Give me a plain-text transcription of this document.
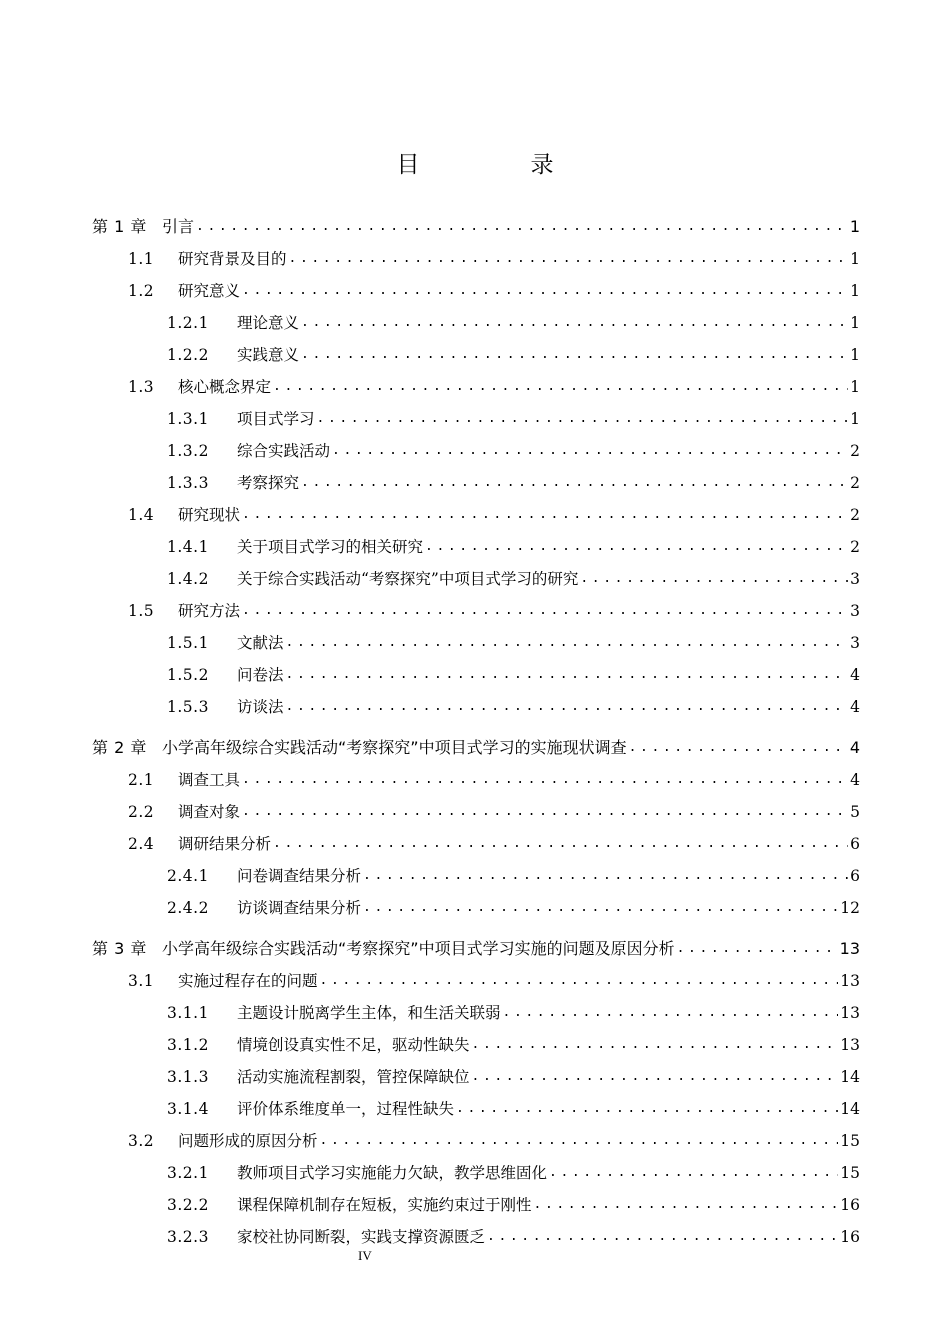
目　录
第 1 章 引言 .....	1
1.1	研究背景及目的 .....	1
1.2	研究意义 .....	1
1.2.1	理论意义 .....	1
1.2.2	实践意义 .....	1
1.3	核心概念界定 .....	1
1.3.1	项目式学习 .....	1
1.3.2	综合实践活动 .....	2
1.3.3	考察探究 .....	2
1.4	研究现状 .....	2
1.4.1	关于项目式学习的相关研究 .....	2
1.4.2	关于综合实践活动“考察探究”中项目式学习的研究 .....	3
1.5	研究方法 .....	3
1.5.1	文献法 .....	3
1.5.2	问卷法 .....	4
1.5.3	访谈法 .....	4
第 2 章 小学高年级综合实践活动“考察探究”中项目式学习的实施现状调查 .....	4
2.1	调查工具 .....	4
2.2	调查对象 .....	5
2.4	调研结果分析 .....	6
2.4.1	问卷调查结果分析 .....	6
2.4.2	访谈调查结果分析 .....	12
第 3 章 小学高年级综合实践活动“考察探究”中项目式学习实施的问题及原因分析 .....	13
3.1	实施过程存在的问题 .....	13
3.1.1	主题设计脱离学生主体，和生活关联弱 .....	13
3.1.2	情境创设真实性不足，驱动性缺失 .....	13
3.1.3	活动实施流程割裂，管控保障缺位 .....	14
3.1.4	评价体系维度单一，过程性缺失 .....	14
3.2	问题形成的原因分析 .....	15
3.2.1	教师项目式学习实施能力欠缺，教学思维固化 .....	15
3.2.2	课程保障机制存在短板，实施约束过于刚性 .....	16
3.2.3	家校社协同断裂，实践支撑资源匮乏 .....	16
IV
